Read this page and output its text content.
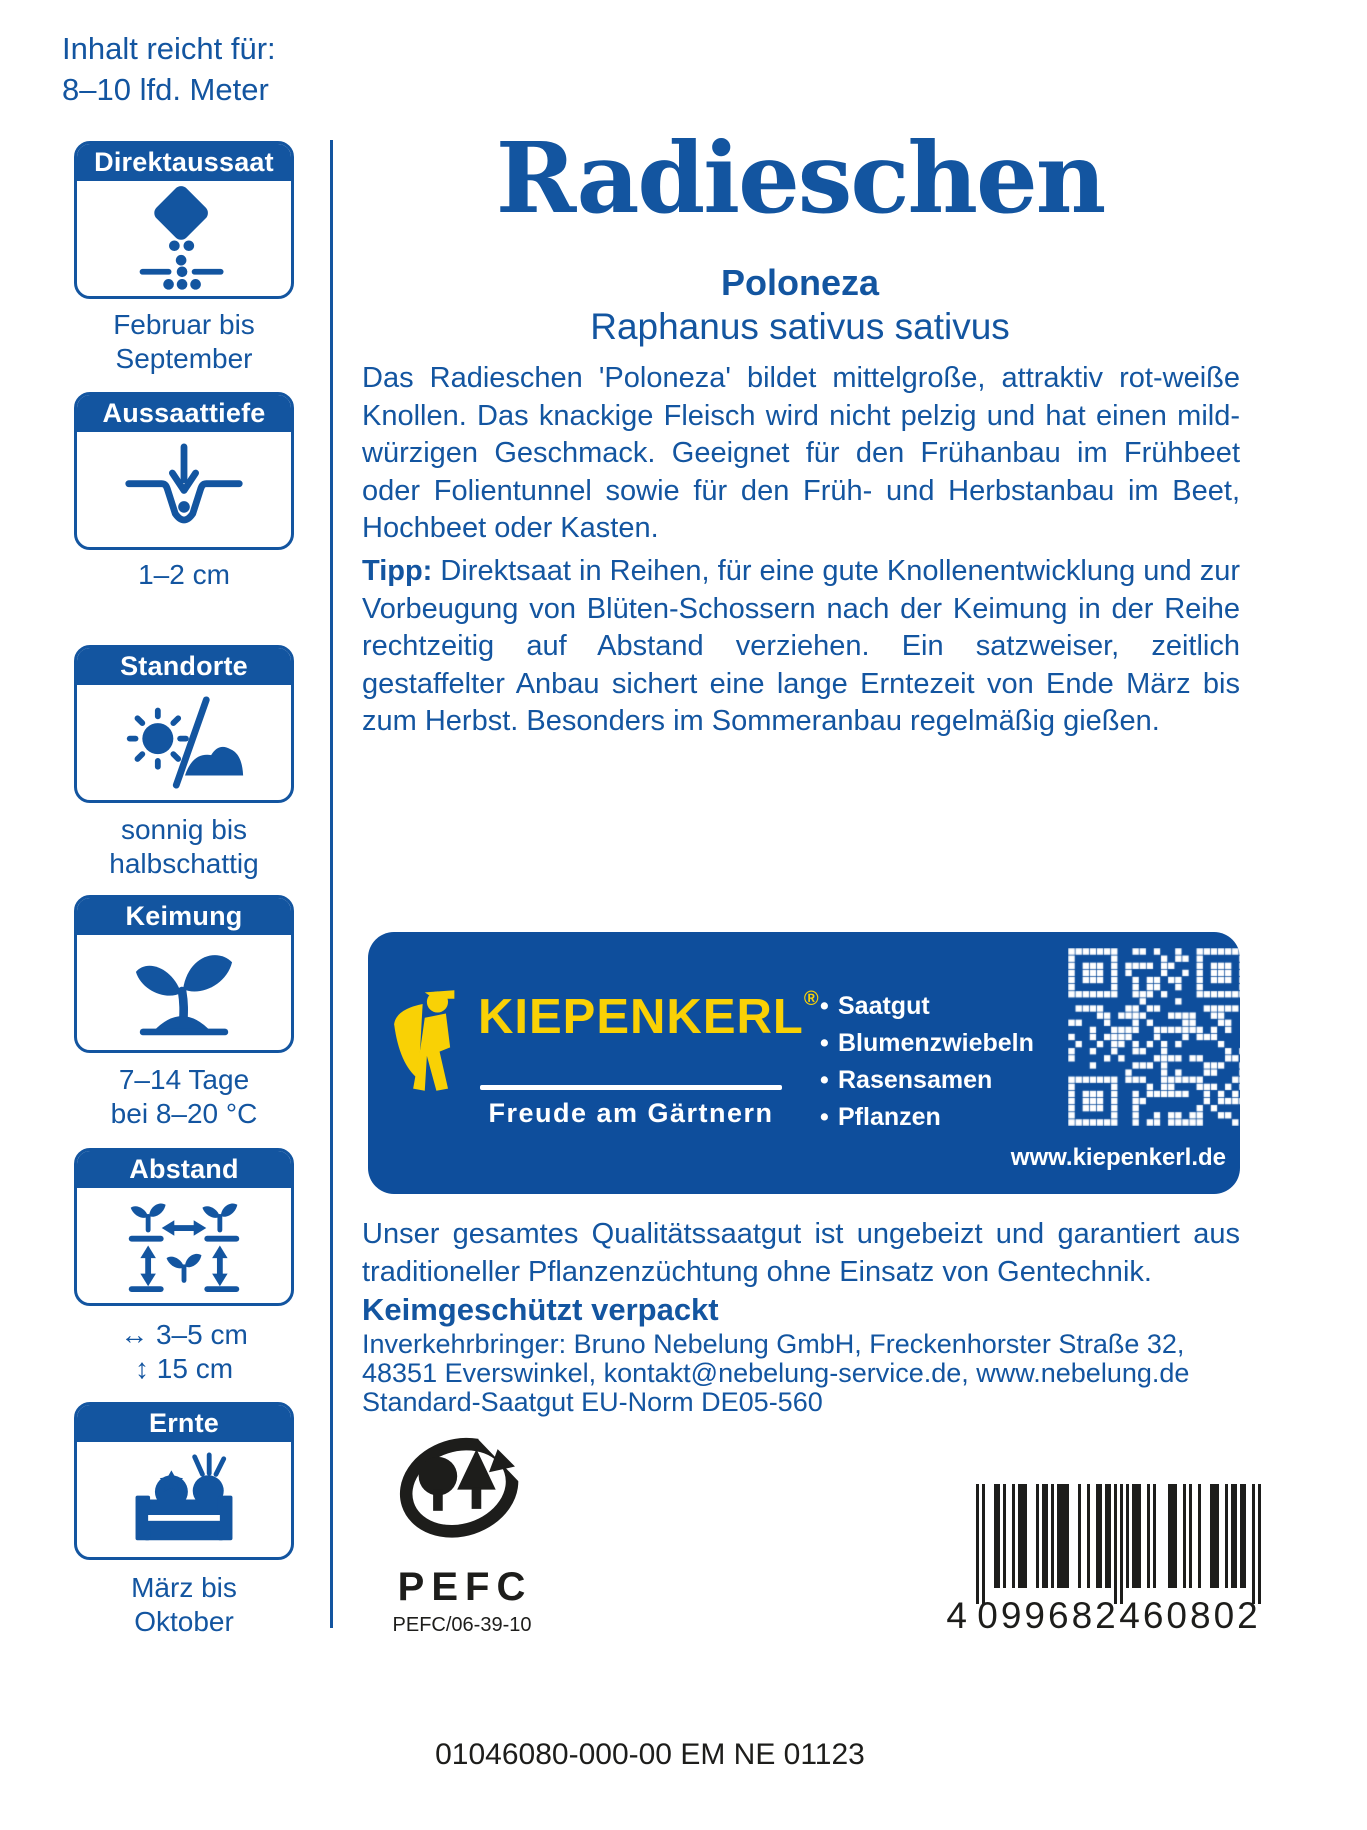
Inhalt reicht für:
8–10 lfd. Meter
Direktaussaat
Februar bis
September
Aussaattiefe
1–2 cm
Standorte
sonnig bis
halbschattig
Keimung
7–14 Tage
bei 8–20 °C
Abstand
↔ 3–5 cm
↕ 15 cm
Ernte
März bis
Oktober
Radieschen
Poloneza
Raphanus sativus sativus

Das Radieschen 'Poloneza' bildet mittelgroße, attraktiv rot-weiße Knollen. Das knackige Fleisch wird nicht pelzig und hat einen mild-würzigen Geschmack. Geeignet für den Frühanbau im Frühbeet oder Folientunnel sowie für den Früh- und Herbstanbau im Beet, Hochbeet oder Kasten.

Tipp: Direktsaat in Reihen, für eine gute Knollenentwicklung und zur Vorbeugung von Blüten-Schossern nach der Keimung in der Reihe rechtzeitig auf Abstand verziehen. Ein satzweiser, zeitlich gestaffelter Anbau sichert eine lange Erntezeit von Ende März bis zum Herbst. Besonders im Sommeranbau regelmäßig gießen.

KIEPENKERL®
Freude am Gärtnern
• Saatgut
• Blumenzwiebeln
• Rasensamen
• Pflanzen
www.kiepenkerl.de

Unser gesamtes Qualitätssaatgut ist ungebeizt und garantiert aus traditioneller Pflanzenzüchtung ohne Einsatz von Gentechnik.

Keimgeschützt verpackt
Inverkehrbringer: Bruno Nebelung GmbH, Freckenhorster Straße 32, 48351 Everswinkel, kontakt@nebelung-service.de, www.nebelung.de
Standard-Saatgut EU-Norm DE05-560
PEFC
PEFC/06-39-10	4 099682 460802
01046080-000-00 EM NE 01123
